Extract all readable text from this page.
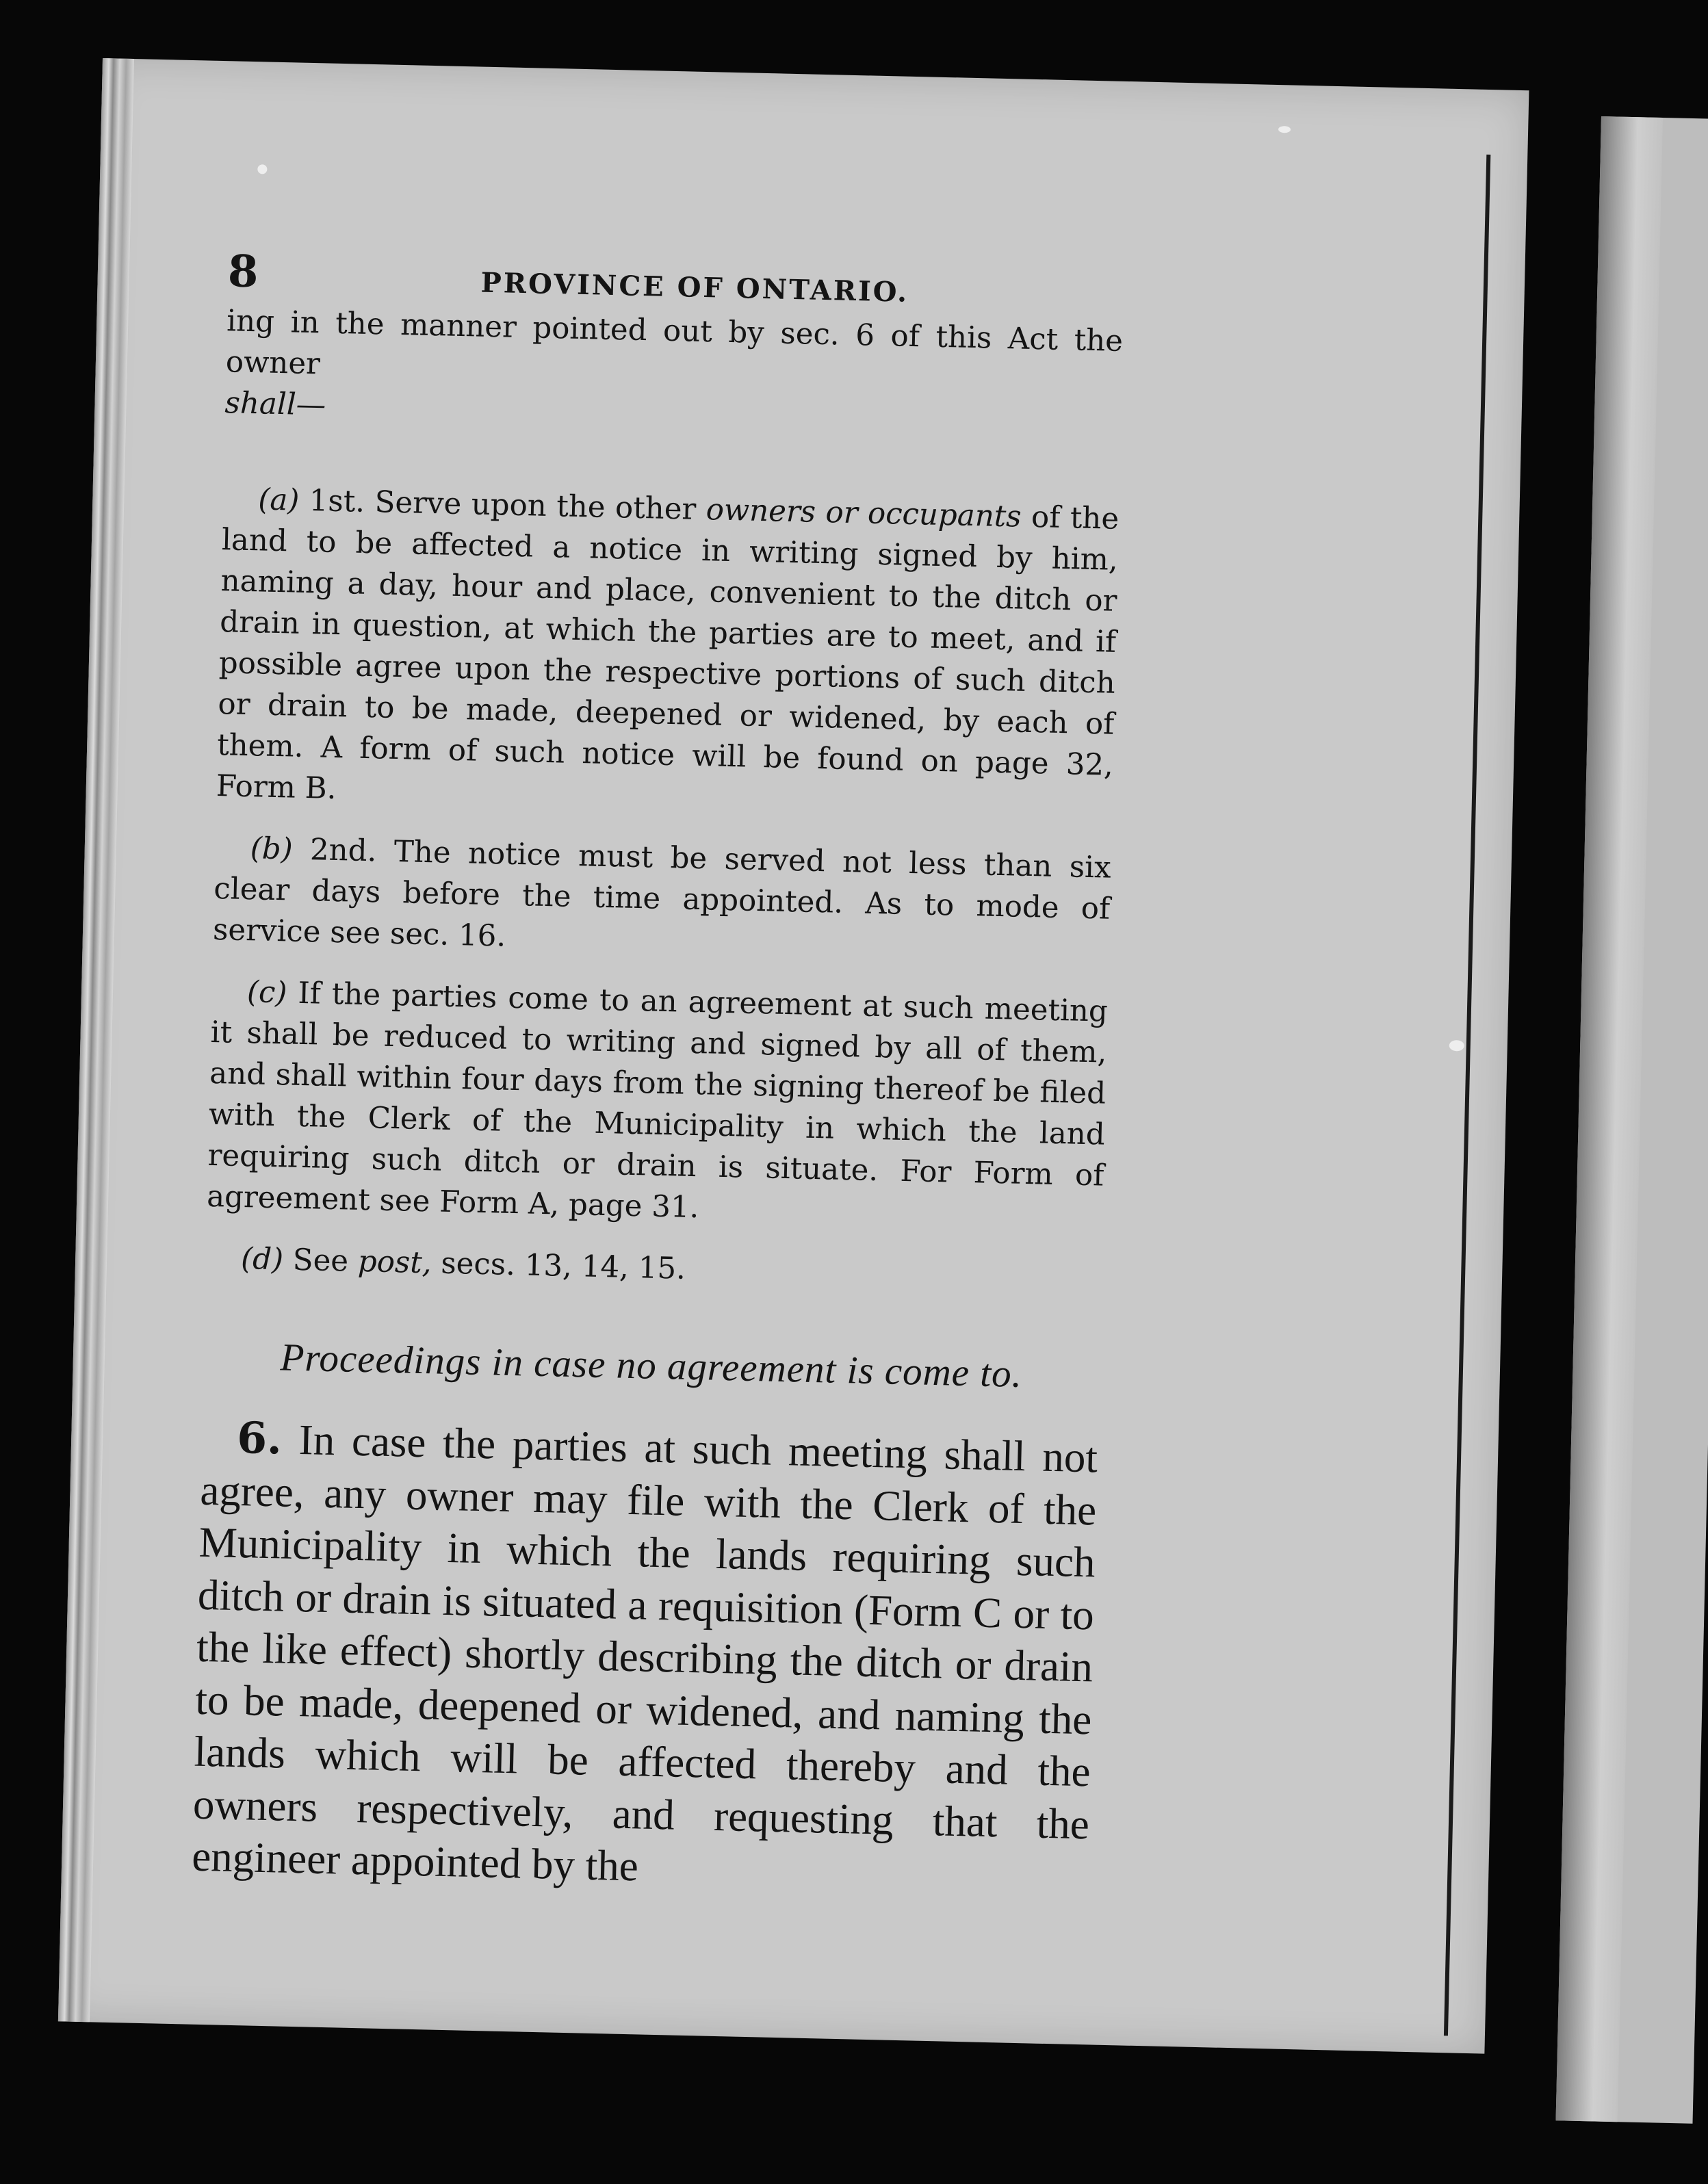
8	PROVINCE OF ONTARIO.

ing in the manner pointed out by sec. 6 of this Act the owner
shall—

(a) 1st. Serve upon the other owners or occupants of the land to be affected a notice in writing signed by him, naming a day, hour and place, convenient to the ditch or drain in question, at which the parties are to meet, and if possible agree upon the respective portions of such ditch or drain to be made, deepened or widened, by each of them. A form of such notice will be found on page 32, Form B.

(b) 2nd. The notice must be served not less than six clear days before the time appointed. As to mode of service see sec. 16.

(c) If the parties come to an agreement at such meeting it shall be reduced to writing and signed by all of them, and shall within four days from the signing thereof be filed with the Clerk of the Municipality in which the land requiring such ditch or drain is situate. For Form of agreement see Form A, page 31.

(d) See post, secs. 13, 14, 15.

Proceedings in case no agreement is come to.

6. In case the parties at such meeting shall not agree, any owner may file with the Clerk of the Municipality in which the lands requiring such ditch or drain is situated a requisition (Form C or to the like effect) shortly describing the ditch or drain to be made, deepened or widened, and naming the lands which will be affected thereby and the owners respectively, and requesting that the engineer appointed by the
